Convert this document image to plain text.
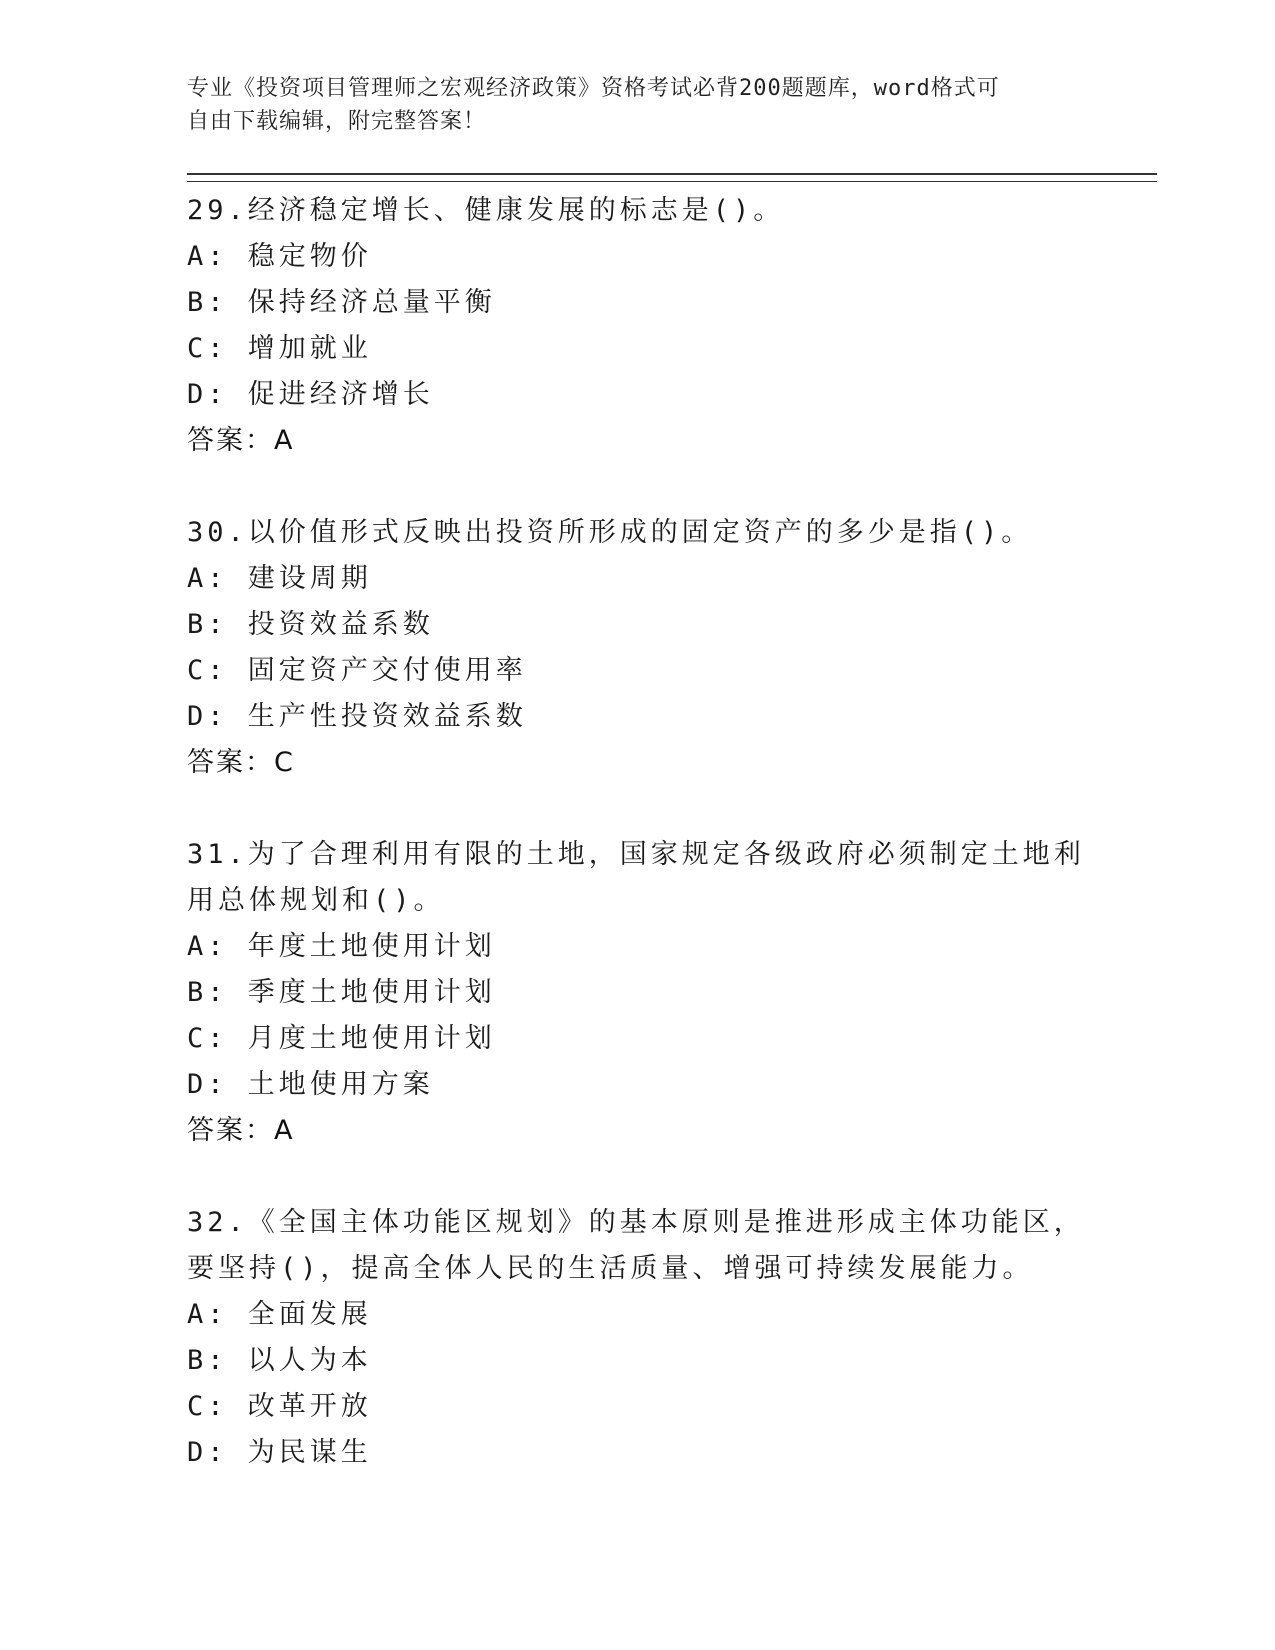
专业《投资项目管理师之宏观经济政策》资格考试必背200题题库，word格式可
自由下载编辑，附完整答案！

29.经济稳定增长、健康发展的标志是()。

A: 稳定物价

B: 保持经济总量平衡

C: 增加就业

D: 促进经济增长

答案：A

30.以价值形式反映出投资所形成的固定资产的多少是指()。

A: 建设周期

B: 投资效益系数

C: 固定资产交付使用率

D: 生产性投资效益系数

答案：C

31.为了合理利用有限的土地，国家规定各级政府必须制定土地利用总体规划和()。

A: 年度土地使用计划

B: 季度土地使用计划

C: 月度土地使用计划

D: 土地使用方案

答案：A

32.《全国主体功能区规划》的基本原则是推进形成主体功能区，要坚持()，提高全体人民的生活质量、增强可持续发展能力。

A: 全面发展

B: 以人为本

C: 改革开放

D: 为民谋生
